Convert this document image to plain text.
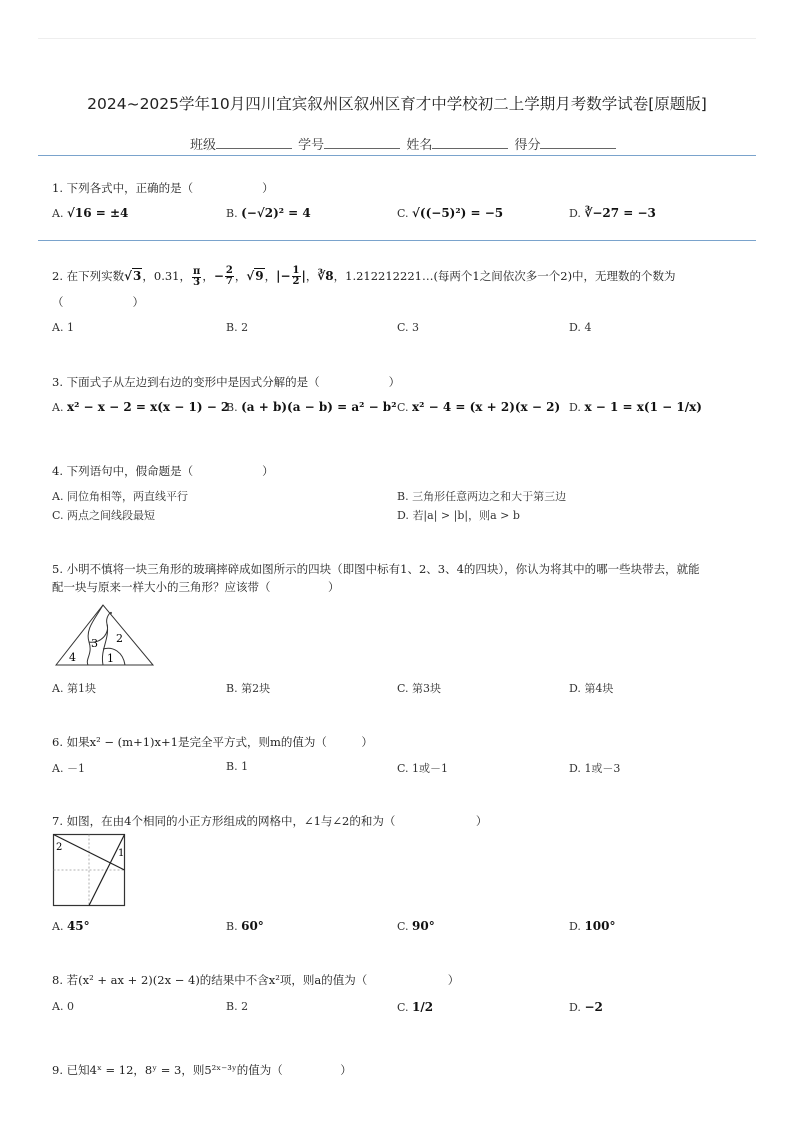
2024~2025学年10月四川宜宾叙州区叙州区育才中学校初二上学期月考数学试卷[原题版]
班级	学号	姓名	得分
1. 下列各式中，正确的是（　　　　　　）
A. √16 = ±4	B. (−√2)² = 4	C. √((−5)²) = −5	D. ∛−27 = −3
2. 在下列实数√3，0.31， $\frac{\pi}{3}$ ，− $\frac{2}{7}$ ，√9，|− $\frac{1}{2}$ |，∛8，1.212212221…(每两个1之间依次多一个2)中，无理数的个数为
（　　　　　　）
A. 1	B. 2	C. 3	D. 4
3. 下面式子从左边到右边的变形中是因式分解的是（　　　　　　）
A. x² − x − 2 = x(x − 1) − 2
B. (a + b)(a − b) = a² − b² C. x² − 4 = (x + 2)(x − 2) D. x − 1 = x(1 − 1/x)
4. 下列语句中，假命题是（　　　　　　）
A. 同位角相等，两直线平行	B. 三角形任意两边之和大于第三边
C. 两点之间线段最短	D. 若|a| > |b|，则a > b
5. 小明不慎将一块三角形的玻璃摔碎成如图所示的四块（即图中标有1、2、3、4的四块），你认为将其中的哪一些块带去，就能
配一块与原来一样大小的三角形？应该带（　　　　　）
4
3 2
1
A. 第1块	B. 第2块	C. 第3块	D. 第4块
6. 如果x² − (m+1)x+1是完全平方式，则m的值为（　　　）
A. －1	B. 1	C. 1或－1	D. 1或－3
7. 如图，在由4个相同的小正方形组成的网格中，∠1与∠2的和为（　　　　　　　）
2
1
A. 45°	B. 60°	C. 90°	D. 100°
8. 若(x² + ax + 2)(2x − 4)的结果中不含x²项，则a的值为（　　　　　　　）
A. 0	B. 2	C. 1/2	D. −2
9. 已知4ˣ = 12，8ʸ = 3，则5²ˣ⁻³ʸ的值为（　　　　　）
